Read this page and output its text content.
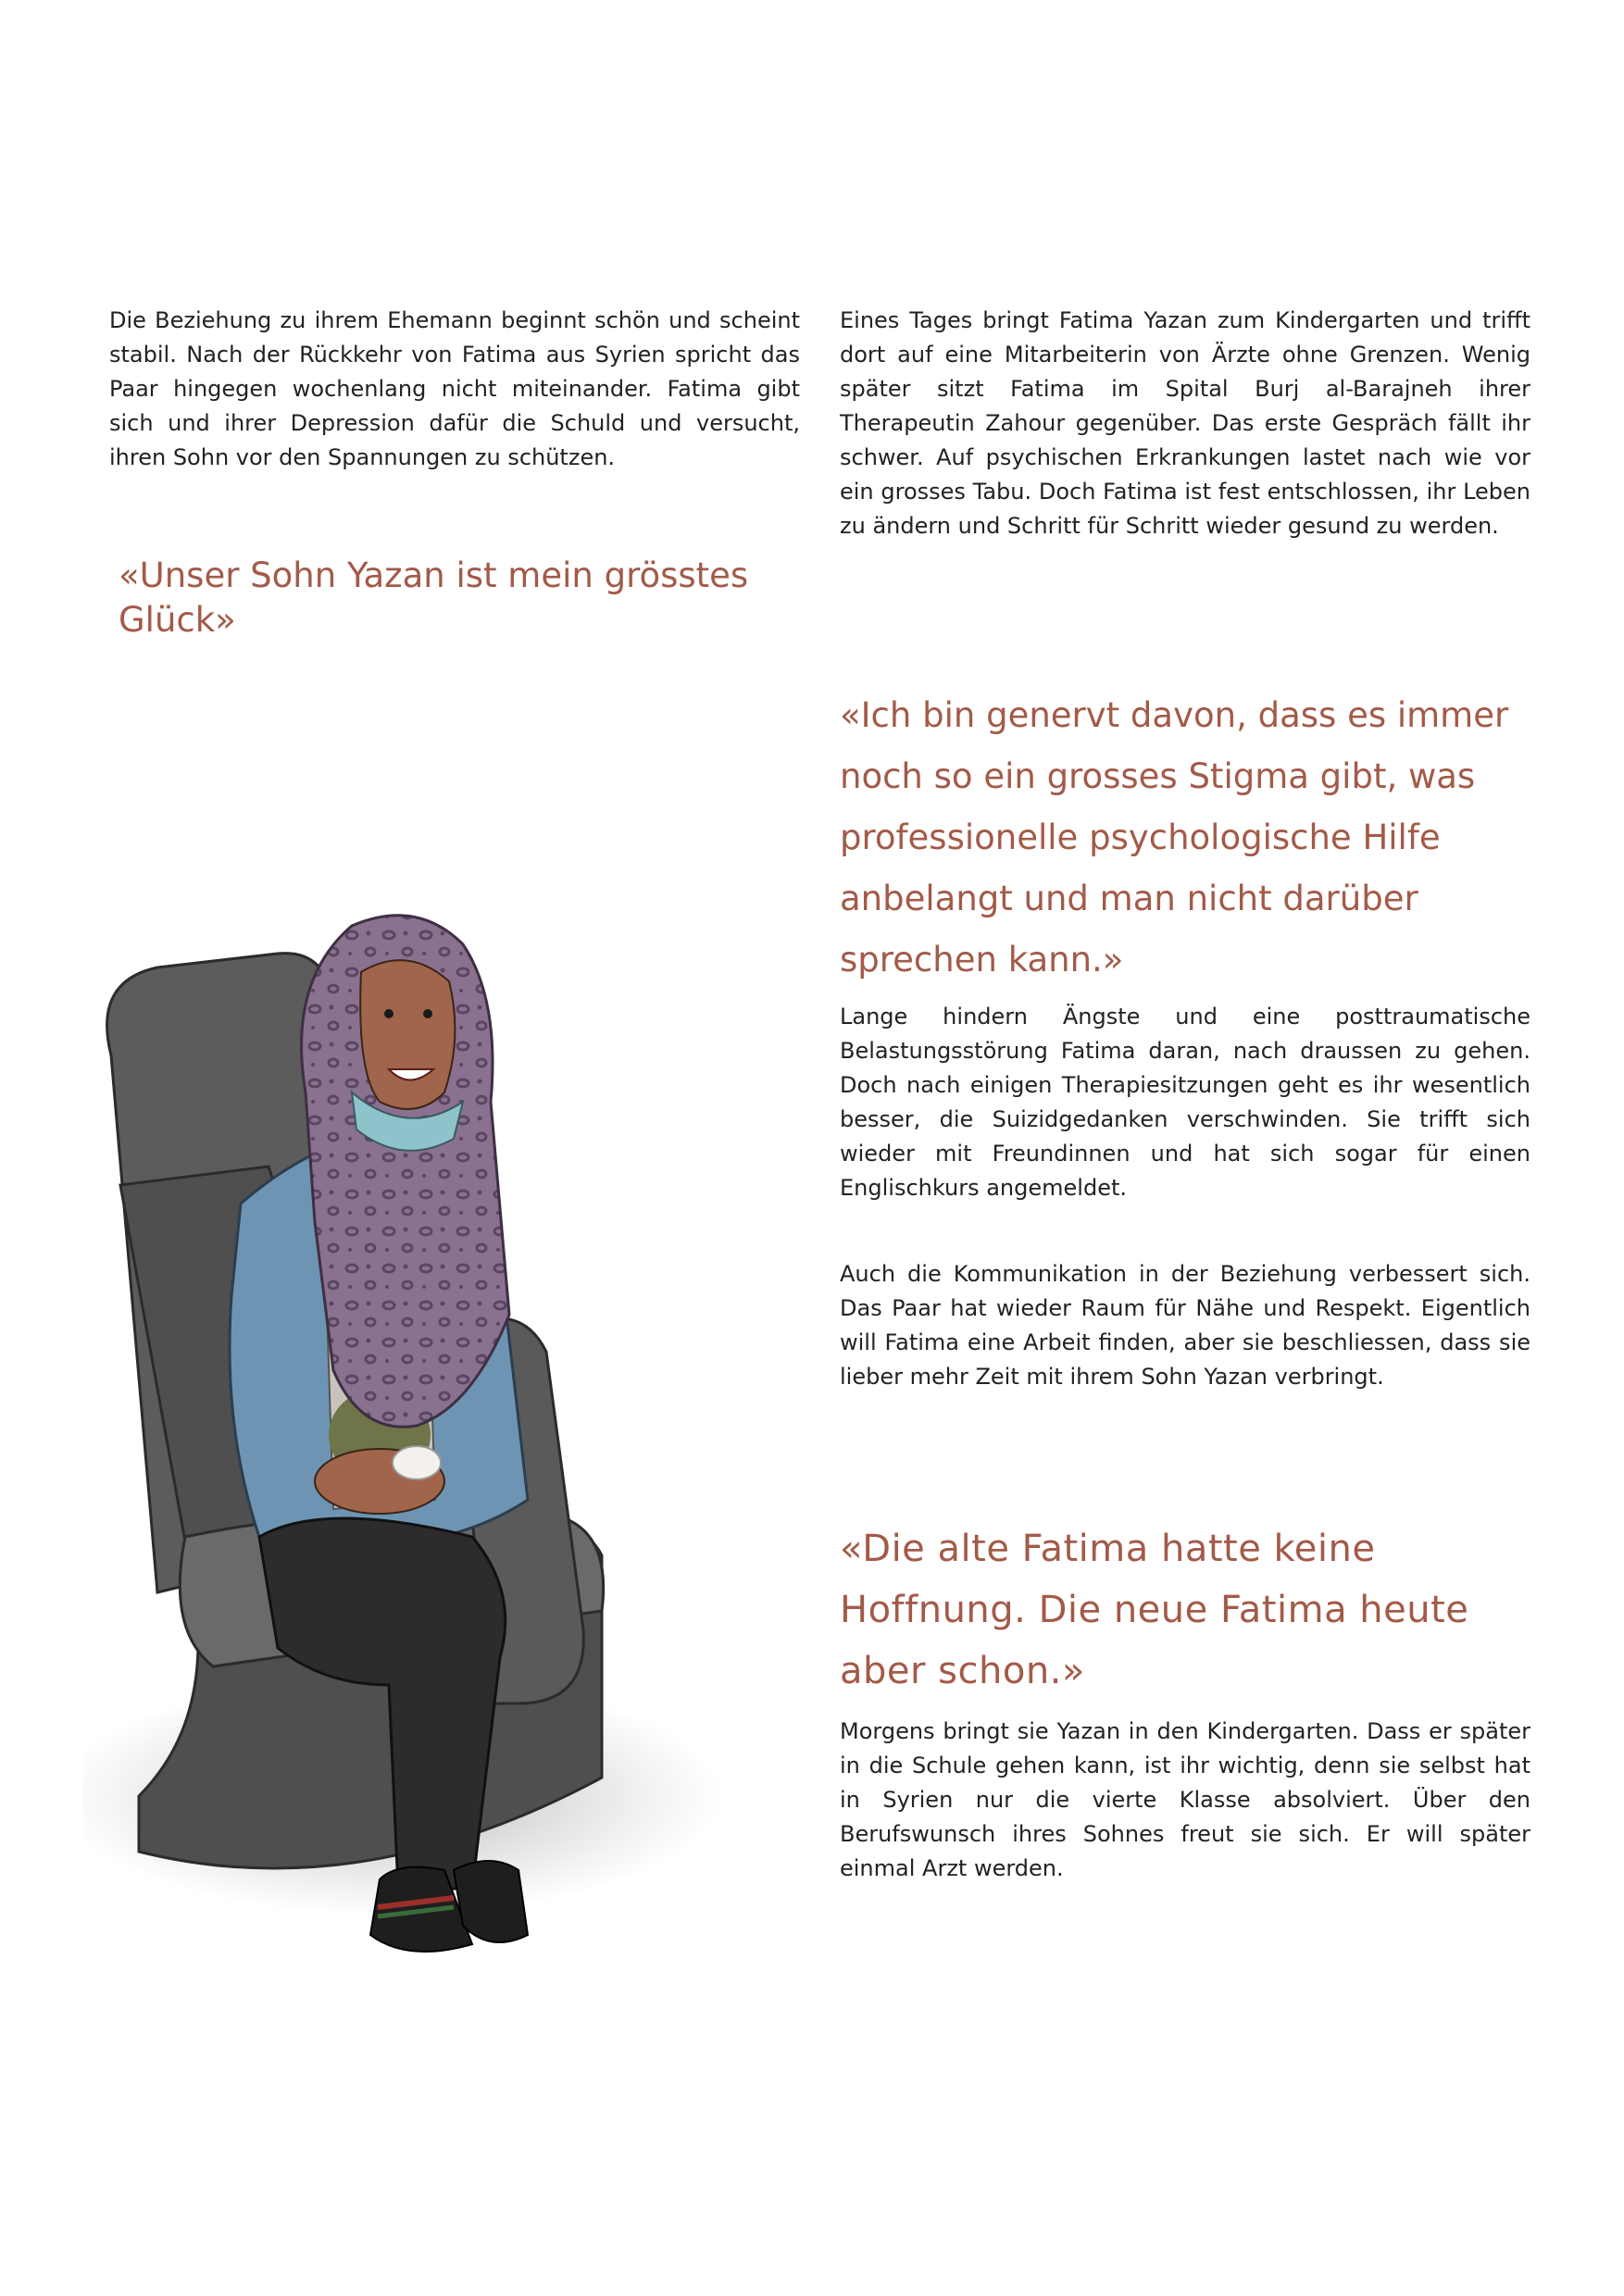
Die Beziehung zu ihrem Ehemann beginnt schön und scheint stabil. Nach der Rückkehr von Fatima aus Syrien spricht das Paar hingegen wochenlang nicht miteinander. Fatima gibt sich und ihrer Depression dafür die Schuld und versucht, ihren Sohn vor den Spannungen zu schützen.

«Unser Sohn Yazan ist mein grösstes Glück»

Eines Tages bringt Fatima Yazan zum Kindergarten und trifft dort auf eine Mitarbeiterin von Ärzte ohne Grenzen. Wenig später sitzt Fatima im Spital Burj al-Barajneh ihrer Therapeutin Zahour gegenüber. Das erste Gespräch fällt ihr schwer. Auf psychischen Erkrankungen lastet nach wie vor ein grosses Tabu. Doch Fatima ist fest entschlossen, ihr Leben zu ändern und Schritt für Schritt wieder gesund zu werden.

«Ich bin genervt davon, dass es immer noch so ein grosses Stigma gibt, was professionelle psychologische Hilfe anbelangt und man nicht darüber sprechen kann.»

Lange hindern Ängste und eine posttraumatische Belastungsstörung Fatima daran, nach draussen zu gehen. Doch nach einigen Therapiesitzungen geht es ihr wesentlich besser, die Suizidgedanken verschwinden. Sie trifft sich wieder mit Freundinnen und hat sich sogar für einen Englischkurs angemeldet.

Auch die Kommunikation in der Beziehung verbessert sich. Das Paar hat wieder Raum für Nähe und Respekt. Eigentlich will Fatima eine Arbeit finden, aber sie beschliessen, dass sie lieber mehr Zeit mit ihrem Sohn Yazan verbringt.

«Die alte Fatima hatte keine Hoffnung. Die neue Fatima heute aber schon.»

Morgens bringt sie Yazan in den Kindergarten. Dass er später in die Schule gehen kann, ist ihr wichtig, denn sie selbst hat in Syrien nur die vierte Klasse absolviert. Über den Berufswunsch ihres Sohnes freut sie sich. Er will später einmal Arzt werden.
